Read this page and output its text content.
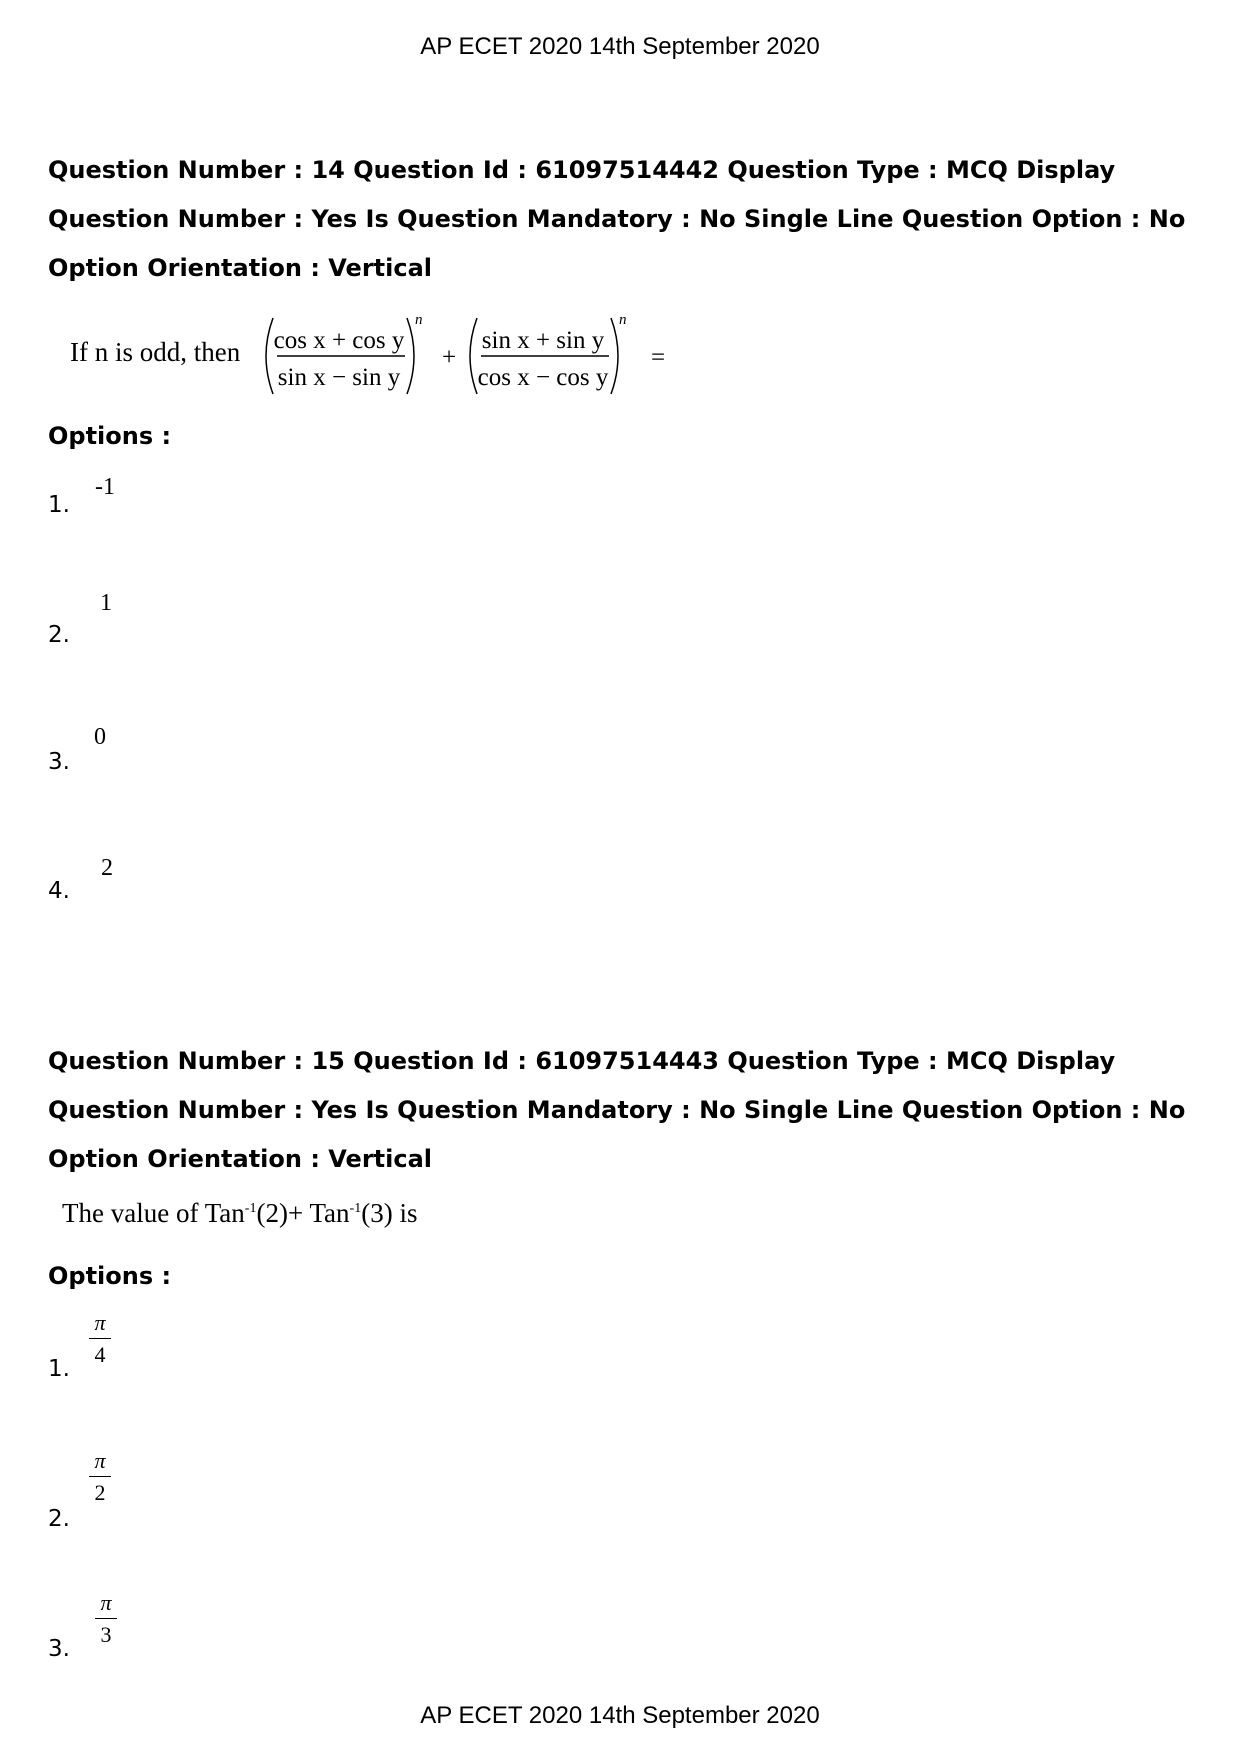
AP ECET 2020 14th September 2020
Question Number : 14 Question Id : 61097514442 Question Type : MCQ Display Question Number : Yes Is Question Mandatory : No Single Line Question Option : No Option Orientation : Vertical
If n is odd, then cos x + cos y
sin x − sin y
n
+
sin x + sin y
cos x − cos y
n
=
Options :
1.
-1
2.
1
3.
0
4.
2
Question Number : 15 Question Id : 61097514443 Question Type : MCQ Display Question Number : Yes Is Question Mandatory : No Single Line Question Option : No Option Orientation : Vertical
The value of Tan$^{-1}$(2)+ Tan$^{-1}$(3) is
Options :
1.
π
4
2.
π
2
3.
π
3
AP ECET 2020 14th September 2020
